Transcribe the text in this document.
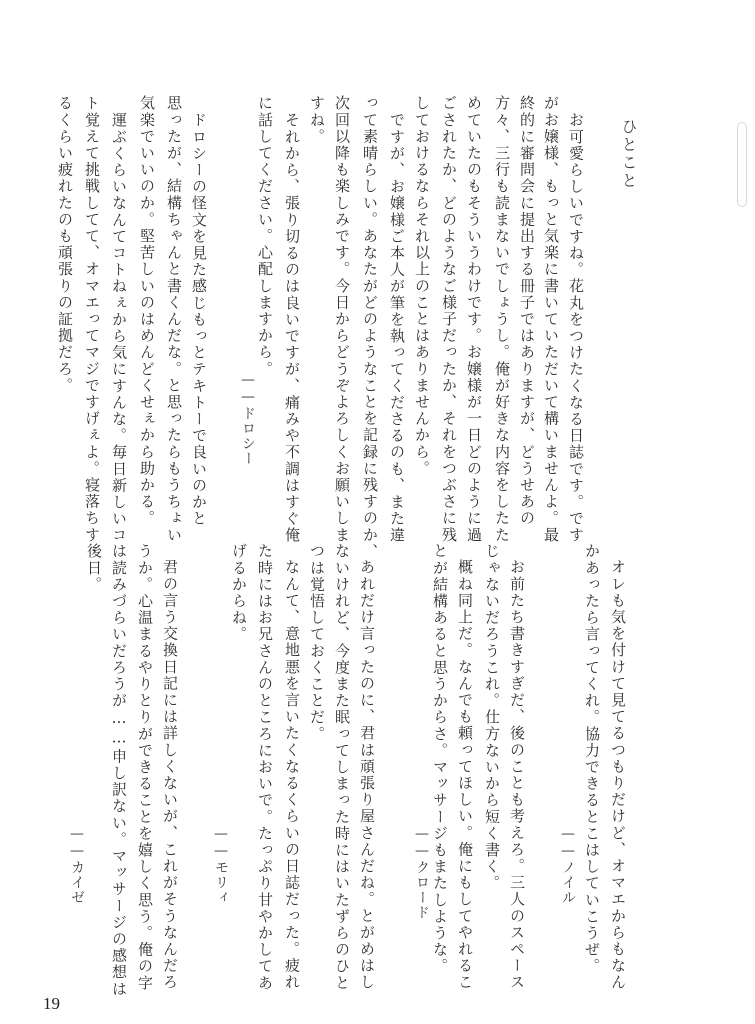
ひとこと
お可愛らしいですね。花丸をつけたくなる日誌です。です
がお嬢様、もっと気楽に書いていただいて構いませんよ。最
終的に審問会に提出する冊子ではありますが、どうせあの
方々、三行も読まないでしょうし。俺が好きな内容をしたた
めていたのもそういうわけです。お嬢様が一日どのように過
ごされたか、どのようなご様子だったか、それをつぶさに残
しておけるならそれ以上のことはありませんから。
ですが、お嬢様ご本人が筆を執ってくださるのも、また違
って素晴らしい。あなたがどのようなことを記録に残すのか、
次回以降も楽しみです。今日からどうぞよろしくお願いしま
すね。
それから、張り切るのは良いですが、痛みや不調はすぐ俺
に話してください。心配しますから。
——ドロシー
ドロシーの怪文を見た感じもっとテキトーで良いのかと
思ったが、結構ちゃんと書くんだな。と思ったらもうちょい
気楽でいいのか。堅苦しいのはめんどくせぇから助かる。
運ぶくらいなんてコトねぇから気にすんな。毎日新しいコ
ト覚えて挑戦してて、オマエってマジですげぇよ。寝落ちす
るくらい疲れたのも頑張りの証拠だろ。
オレも気を付けて見てるつもりだけど、オマエからもなん
かあったら言ってくれ。協力できるとこはしていこうぜ。
——ノイル
お前たち書きすぎだ、後のことも考えろ。三人のスペース
じゃないだろうこれ。仕方ないから短く書く。
概ね同上だ。なんでも頼ってほしい。俺にもしてやれるこ
とが結構あると思うからさ。マッサージもまたしような。
——クロード
あれだけ言ったのに、君は頑張り屋さんだね。とがめはし
ないけれど、今度また眠ってしまった時にはいたずらのひと
つは覚悟しておくことだ。
なんて、意地悪を言いたくなるくらいの日誌だった。疲れ
た時にはお兄さんのところにおいで。たっぷり甘やかしてあ
げるからね。
——モリィ
君の言う交換日記には詳しくないが、これがそうなんだろ
うか。心温まるやりとりができることを嬉しく思う。俺の字
は読みづらいだろうが……申し訳ない。マッサージの感想は
後日。
——カイゼ
19
